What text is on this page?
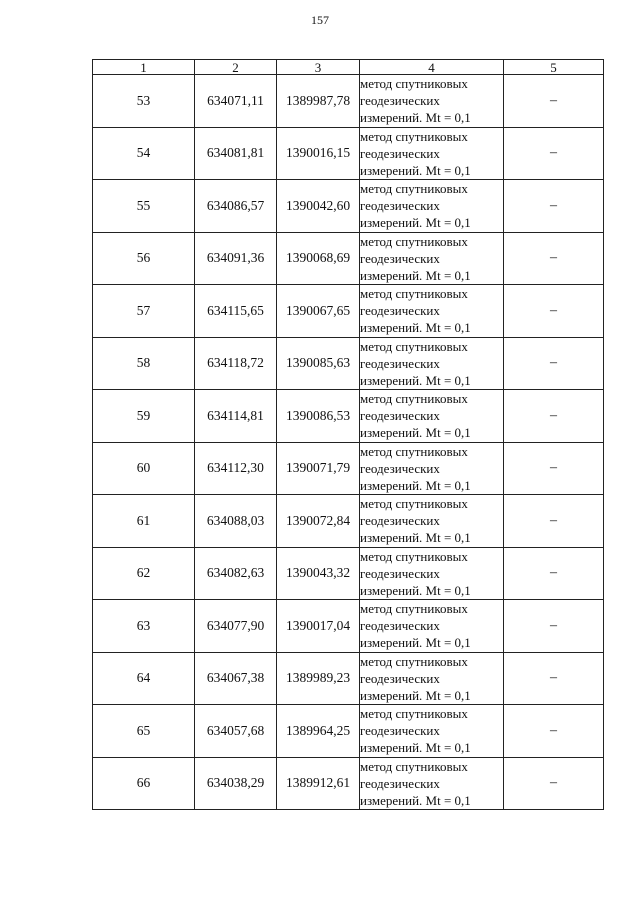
157
1	2	3	4	5
53	634071,11	1389987,78	метод спутниковых
геодезических
измерений. Mt = 0,1	–
54	634081,81	1390016,15	метод спутниковых
геодезических
измерений. Mt = 0,1	–
55	634086,57	1390042,60	метод спутниковых
геодезических
измерений. Mt = 0,1	–
56	634091,36	1390068,69	метод спутниковых
геодезических
измерений. Mt = 0,1	–
57	634115,65	1390067,65	метод спутниковых
геодезических
измерений. Mt = 0,1	–
58	634118,72	1390085,63	метод спутниковых
геодезических
измерений. Mt = 0,1	–
59	634114,81	1390086,53	метод спутниковых
геодезических
измерений. Mt = 0,1	–
60	634112,30	1390071,79	метод спутниковых
геодезических
измерений. Mt = 0,1	–
61	634088,03	1390072,84	метод спутниковых
геодезических
измерений. Mt = 0,1	–
62	634082,63	1390043,32	метод спутниковых
геодезических
измерений. Mt = 0,1	–
63	634077,90	1390017,04	метод спутниковых
геодезических
измерений. Mt = 0,1	–
64	634067,38	1389989,23	метод спутниковых
геодезических
измерений. Mt = 0,1	–
65	634057,68	1389964,25	метод спутниковых
геодезических
измерений. Mt = 0,1	–
66	634038,29	1389912,61	метод спутниковых
геодезических
измерений. Mt = 0,1	–
